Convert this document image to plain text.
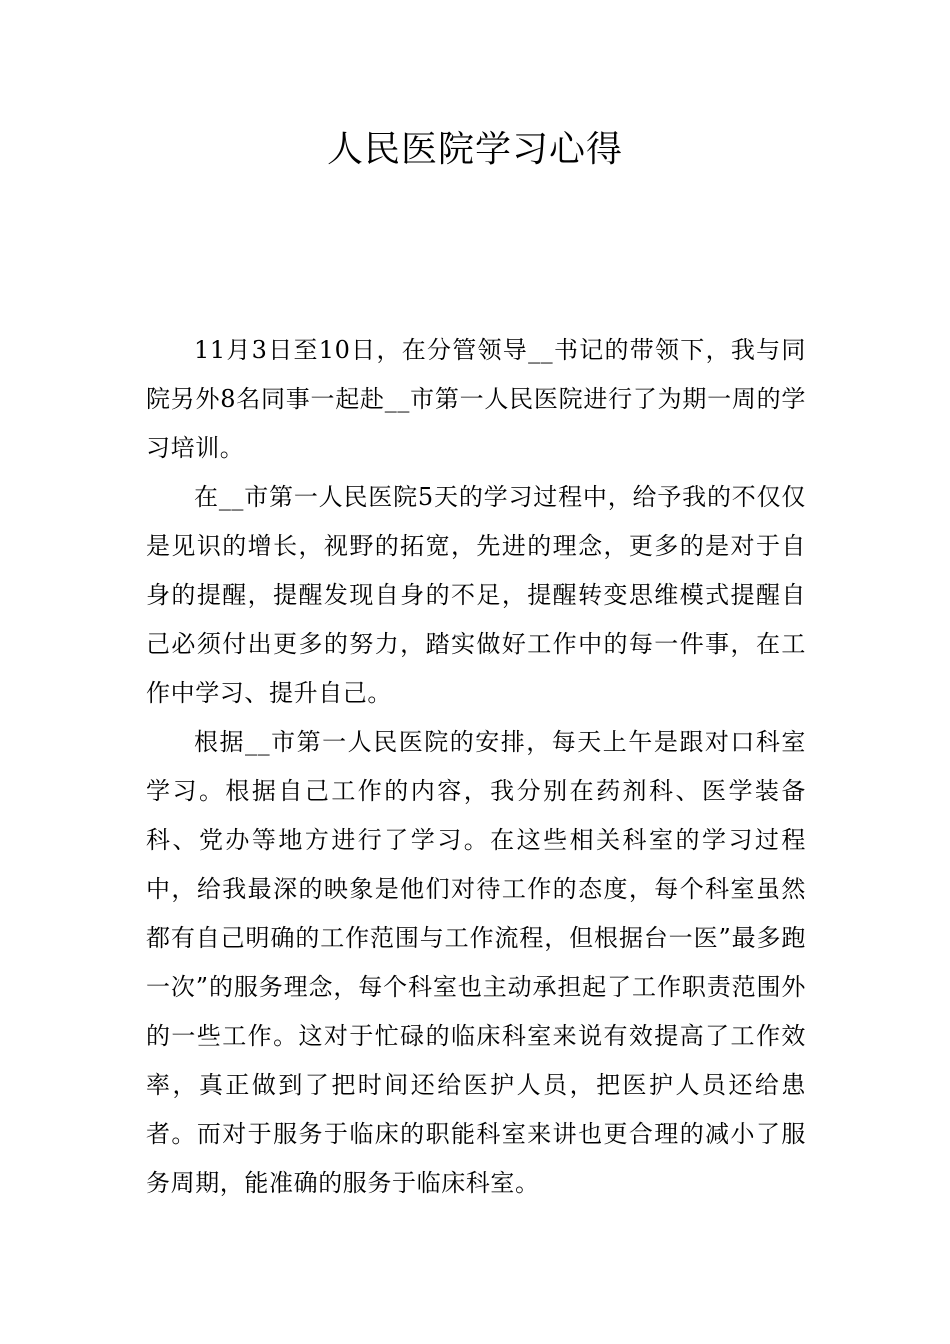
人民医院学习心得

11月3日至10日，在分管领导__书记的带领下，我与同院另外8名同事一起赴__市第一人民医院进行了为期一周的学习培训。

在__市第一人民医院5天的学习过程中，给予我的不仅仅是见识的增长，视野的拓宽，先进的理念，更多的是对于自身的提醒，提醒发现自身的不足，提醒转变思维模式提醒自己必须付出更多的努力，踏实做好工作中的每一件事，在工作中学习、提升自己。

根据__市第一人民医院的安排，每天上午是跟对口科室学习。根据自己工作的内容，我分别在药剂科、医学装备科、党办等地方进行了学习。在这些相关科室的学习过程中，给我最深的映象是他们对待工作的态度，每个科室虽然都有自己明确的工作范围与工作流程，但根据台一医”最多跑一次”的服务理念，每个科室也主动承担起了工作职责范围外的一些工作。这对于忙碌的临床科室来说有效提高了工作效率，真正做到了把时间还给医护人员，把医护人员还给患者。而对于服务于临床的职能科室来讲也更合理的减小了服务周期，能准确的服务于临床科室。
